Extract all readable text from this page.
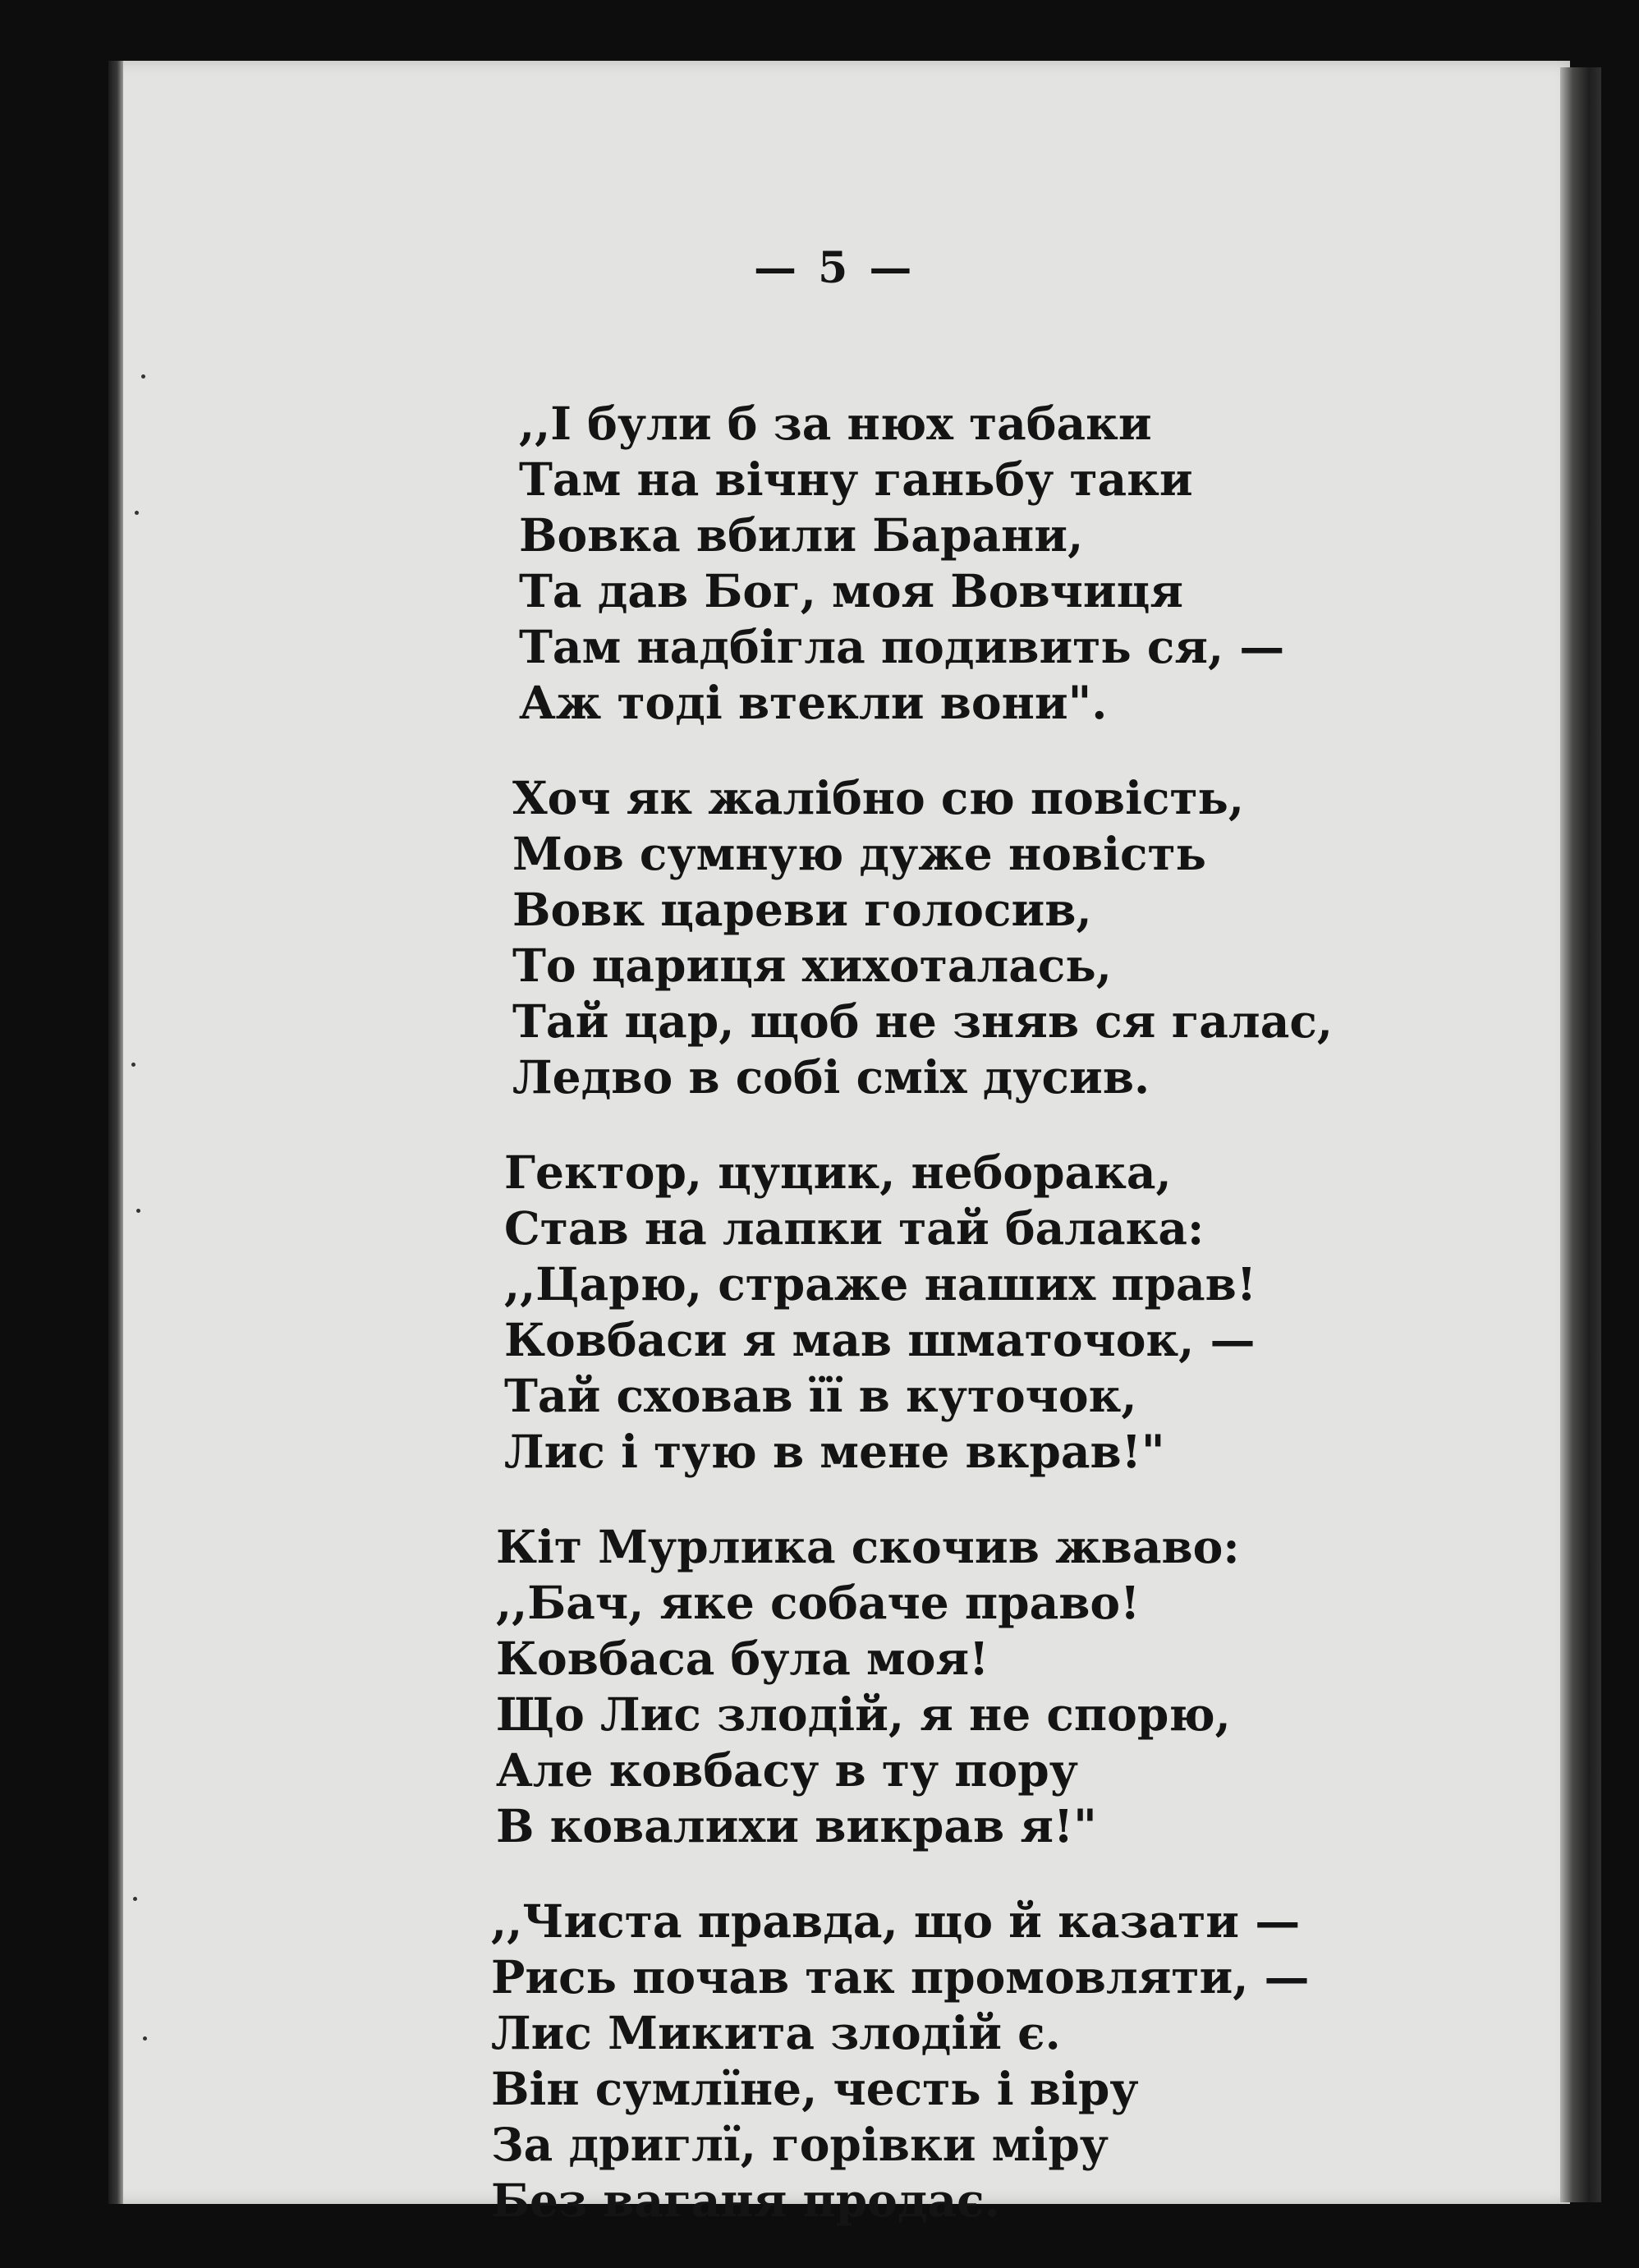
— 5 —
,,І були б за нюх табаки
Там на вічну ганьбу таки
Вовка вбили Барани,
Та дав Бог, моя Вовчиця
Там надбігла подивить ся, —
Аж тоді втекли вони".
Хоч як жалібно сю повість,
Мов сумную дуже новість
Вовк цареви голосив,
То цариця хихоталась,
Тай цар, щоб не зняв ся галас,
Ледво в собі сміх дусив.
Гектор, цуцик, неборака,
Став на лапки тай балака:
,,Царю, страже наших прав!
Ковбаси я мав шматочок, —
Тай сховав її в куточок,
Лис і тую в мене вкрав!"
Кіт Мурлика скочив жваво:
,,Бач, яке собаче право!
Ковбаса була моя!
Що Лис злодій, я не спорю,
Але ковбасу в ту пору
В ковалихи викрав я!"
,,Чиста правда, що й казати —
Рись почав так промовляти, —
Лис Микита злодій є.
Він сумлїне, честь і віру
За дриглї, горівки міру
Без ваганя продає.
